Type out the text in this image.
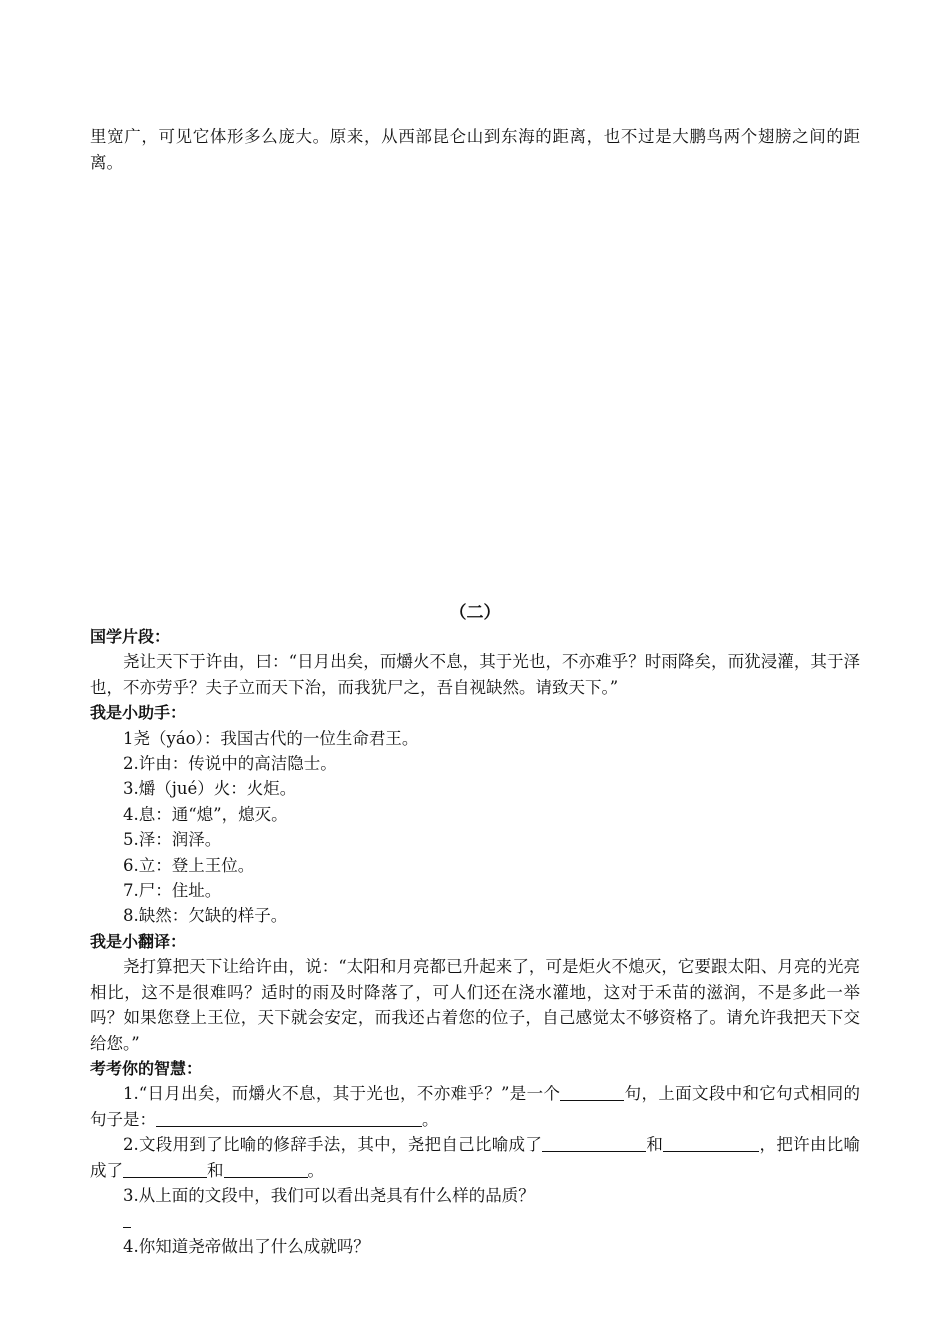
里宽广，可见它体形多么庞大。原来，从西部昆仑山到东海的距离，也不过是大鹏鸟两个翅膀之间的距离。

（二）

国学片段：

尧让天下于许由，曰：“日月出矣，而爝火不息，其于光也，不亦难乎？时雨降矣，而犹浸灌，其于泽也，不亦劳乎？夫子立而天下治，而我犹尸之，吾自视缺然。请致天下。”

我是小助手：

1尧（yáo）：我国古代的一位生命君王。

2.许由：传说中的高洁隐士。

3.爝（jué）火：火炬。

4.息：通“熄”，熄灭。

5.泽：润泽。

6.立：登上王位。

7.尸：住址。

8.缺然：欠缺的样子。

我是小翻译：

尧打算把天下让给许由，说：“太阳和月亮都已升起来了，可是炬火不熄灭，它要跟太阳、月亮的光亮相比，这不是很难吗？适时的雨及时降落了，可人们还在浇水灌地，这对于禾苗的滋润，不是多此一举吗？如果您登上王位，天下就会安定，而我还占着您的位子，自己感觉太不够资格了。请允许我把天下交给您。”

考考你的智慧：

1.“日月出矣，而爝火不息，其于光也，不亦难乎？”是一个	句，上面文段中和它句式相同的句子是：	。

2.文段用到了比喻的修辞手法，其中，尧把自己比喻成了	和	，把许由比喻成了	和	。

3.从上面的文段中，我们可以看出尧具有什么样的品质？

4.你知道尧帝做出了什么成就吗？
